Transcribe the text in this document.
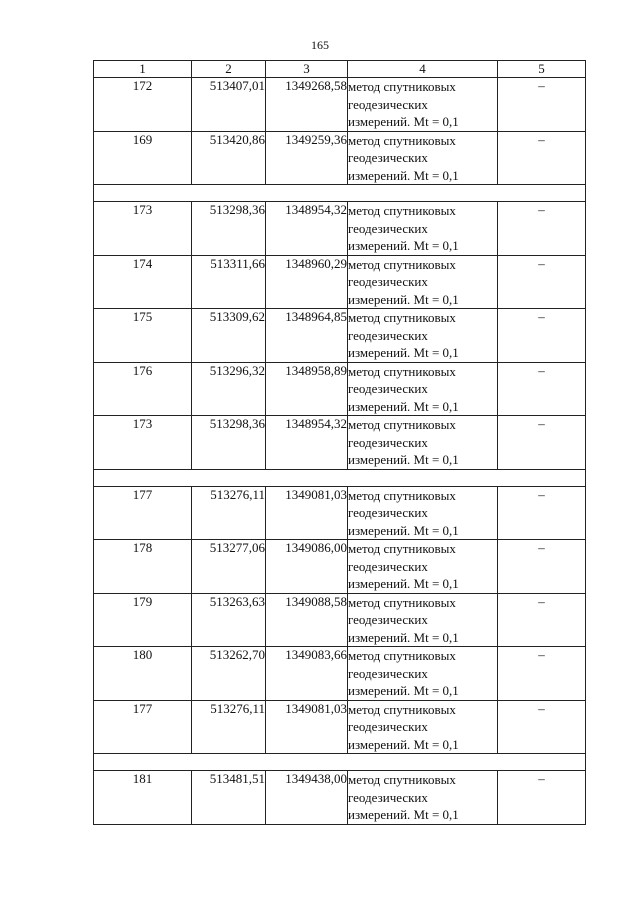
165
1	2	3	4	5
172	513407,01	1349268,58	метод спутниковых
геодезических
измерений. Mt = 0,1	–
169	513420,86	1349259,36	метод спутниковых
геодезических
измерений. Mt = 0,1	–

173	513298,36	1348954,32	метод спутниковых
геодезических
измерений. Mt = 0,1	–
174	513311,66	1348960,29	метод спутниковых
геодезических
измерений. Mt = 0,1	–
175	513309,62	1348964,85	метод спутниковых
геодезических
измерений. Mt = 0,1	–
176	513296,32	1348958,89	метод спутниковых
геодезических
измерений. Mt = 0,1	–
173	513298,36	1348954,32	метод спутниковых
геодезических
измерений. Mt = 0,1	–

177	513276,11	1349081,03	метод спутниковых
геодезических
измерений. Mt = 0,1	–
178	513277,06	1349086,00	метод спутниковых
геодезических
измерений. Mt = 0,1	–
179	513263,63	1349088,58	метод спутниковых
геодезических
измерений. Mt = 0,1	–
180	513262,70	1349083,66	метод спутниковых
геодезических
измерений. Mt = 0,1	–
177	513276,11	1349081,03	метод спутниковых
геодезических
измерений. Mt = 0,1	–

181	513481,51	1349438,00	метод спутниковых
геодезических
измерений. Mt = 0,1	–
